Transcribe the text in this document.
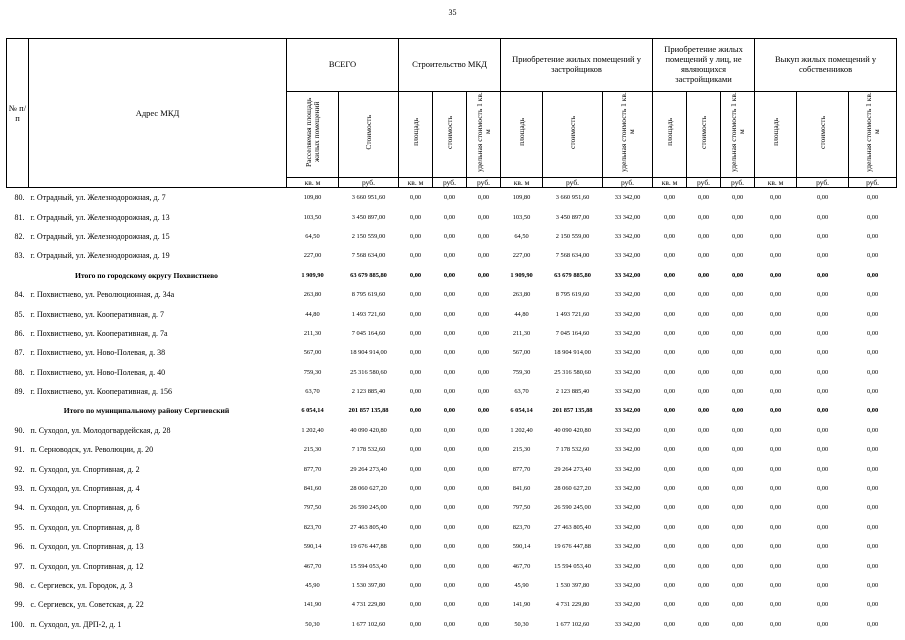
35
№ п/п	Адрес МКД	ВСЕГО		Строительство МКД			Приобретение жилых помещений у застройщиков			Приобретение жилых помещений у лиц, не являющихся застройщиками			Выкуп жилых помещений у собственников		
		Расселяемая площадь жилых помещений	Стоимость	площадь	стоимость	удельная стоимость 1 кв. м	площадь	стоимость	удельная стоимость 1 кв. м	площадь	стоимость	удельная стоимость 1 кв. м	площадь	стоимость	удельная стоимость 1 кв. м
		кв. м	руб.	кв. м	руб.	руб.	кв. м	руб.	руб.	кв. м	руб.	руб.	кв. м	руб.	руб.
80.	г. Отрадный, ул. Железнодорожная, д. 7	109,80	3 660 951,60	0,00	0,00	0,00	109,80	3 660 951,60	33 342,00	0,00	0,00	0,00	0,00	0,00	0,00
81.	г. Отрадный, ул. Железнодорожная, д. 13	103,50	3 450 897,00	0,00	0,00	0,00	103,50	3 450 897,00	33 342,00	0,00	0,00	0,00	0,00	0,00	0,00
82.	г. Отрадный, ул. Железнодорожная, д. 15	64,50	2 150 559,00	0,00	0,00	0,00	64,50	2 150 559,00	33 342,00	0,00	0,00	0,00	0,00	0,00	0,00
83.	г. Отрадный, ул. Железнодорожная, д. 19	227,00	7 568 634,00	0,00	0,00	0,00	227,00	7 568 634,00	33 342,00	0,00	0,00	0,00	0,00	0,00	0,00
Итого по городскому округу Похвистнево		1 909,90	63 679 885,80	0,00	0,00	0,00	1 909,90	63 679 885,80	33 342,00	0,00	0,00	0,00	0,00	0,00	0,00
84.	г. Похвистнево, ул. Революционная, д. 34а	263,80	8 795 619,60	0,00	0,00	0,00	263,80	8 795 619,60	33 342,00	0,00	0,00	0,00	0,00	0,00	0,00
85.	г. Похвистнево, ул. Кооперативная, д. 7	44,80	1 493 721,60	0,00	0,00	0,00	44,80	1 493 721,60	33 342,00	0,00	0,00	0,00	0,00	0,00	0,00
86.	г. Похвистнево, ул. Кооперативная, д. 7а	211,30	7 045 164,60	0,00	0,00	0,00	211,30	7 045 164,60	33 342,00	0,00	0,00	0,00	0,00	0,00	0,00
87.	г. Похвистнево, ул. Ново-Полевая, д. 38	567,00	18 904 914,00	0,00	0,00	0,00	567,00	18 904 914,00	33 342,00	0,00	0,00	0,00	0,00	0,00	0,00
88.	г. Похвистнево, ул. Ново-Полевая, д. 40	759,30	25 316 580,60	0,00	0,00	0,00	759,30	25 316 580,60	33 342,00	0,00	0,00	0,00	0,00	0,00	0,00
89.	г. Похвистнево, ул. Кооперативная, д. 156	63,70	2 123 885,40	0,00	0,00	0,00	63,70	2 123 885,40	33 342,00	0,00	0,00	0,00	0,00	0,00	0,00
Итого по муниципальному району Сергиевский		6 054,14	201 857 135,88	0,00	0,00	0,00	6 054,14	201 857 135,88	33 342,00	0,00	0,00	0,00	0,00	0,00	0,00
90.	п. Суходол, ул. Молодогвардейская, д. 28	1 202,40	40 090 420,80	0,00	0,00	0,00	1 202,40	40 090 420,80	33 342,00	0,00	0,00	0,00	0,00	0,00	0,00
91.	п. Серноводск, ул. Революции, д. 20	215,30	7 178 532,60	0,00	0,00	0,00	215,30	7 178 532,60	33 342,00	0,00	0,00	0,00	0,00	0,00	0,00
92.	п. Суходол, ул. Спортивная, д. 2	877,70	29 264 273,40	0,00	0,00	0,00	877,70	29 264 273,40	33 342,00	0,00	0,00	0,00	0,00	0,00	0,00
93.	п. Суходол, ул. Спортивная, д. 4	841,60	28 060 627,20	0,00	0,00	0,00	841,60	28 060 627,20	33 342,00	0,00	0,00	0,00	0,00	0,00	0,00
94.	п. Суходол, ул. Спортивная, д. 6	797,50	26 590 245,00	0,00	0,00	0,00	797,50	26 590 245,00	33 342,00	0,00	0,00	0,00	0,00	0,00	0,00
95.	п. Суходол, ул. Спортивная, д. 8	823,70	27 463 805,40	0,00	0,00	0,00	823,70	27 463 805,40	33 342,00	0,00	0,00	0,00	0,00	0,00	0,00
96.	п. Суходол, ул. Спортивная, д. 13	590,14	19 676 447,88	0,00	0,00	0,00	590,14	19 676 447,88	33 342,00	0,00	0,00	0,00	0,00	0,00	0,00
97.	п. Суходол, ул. Спортивная, д. 12	467,70	15 594 053,40	0,00	0,00	0,00	467,70	15 594 053,40	33 342,00	0,00	0,00	0,00	0,00	0,00	0,00
98.	с. Сергиевск, ул. Городок, д. 3	45,90	1 530 397,80	0,00	0,00	0,00	45,90	1 530 397,80	33 342,00	0,00	0,00	0,00	0,00	0,00	0,00
99.	с. Сергиевск, ул. Советская, д. 22	141,90	4 731 229,80	0,00	0,00	0,00	141,90	4 731 229,80	33 342,00	0,00	0,00	0,00	0,00	0,00	0,00
100.	п. Суходол, ул. ДРП-2, д. 1	50,30	1 677 102,60	0,00	0,00	0,00	50,30	1 677 102,60	33 342,00	0,00	0,00	0,00	0,00	0,00	0,00
